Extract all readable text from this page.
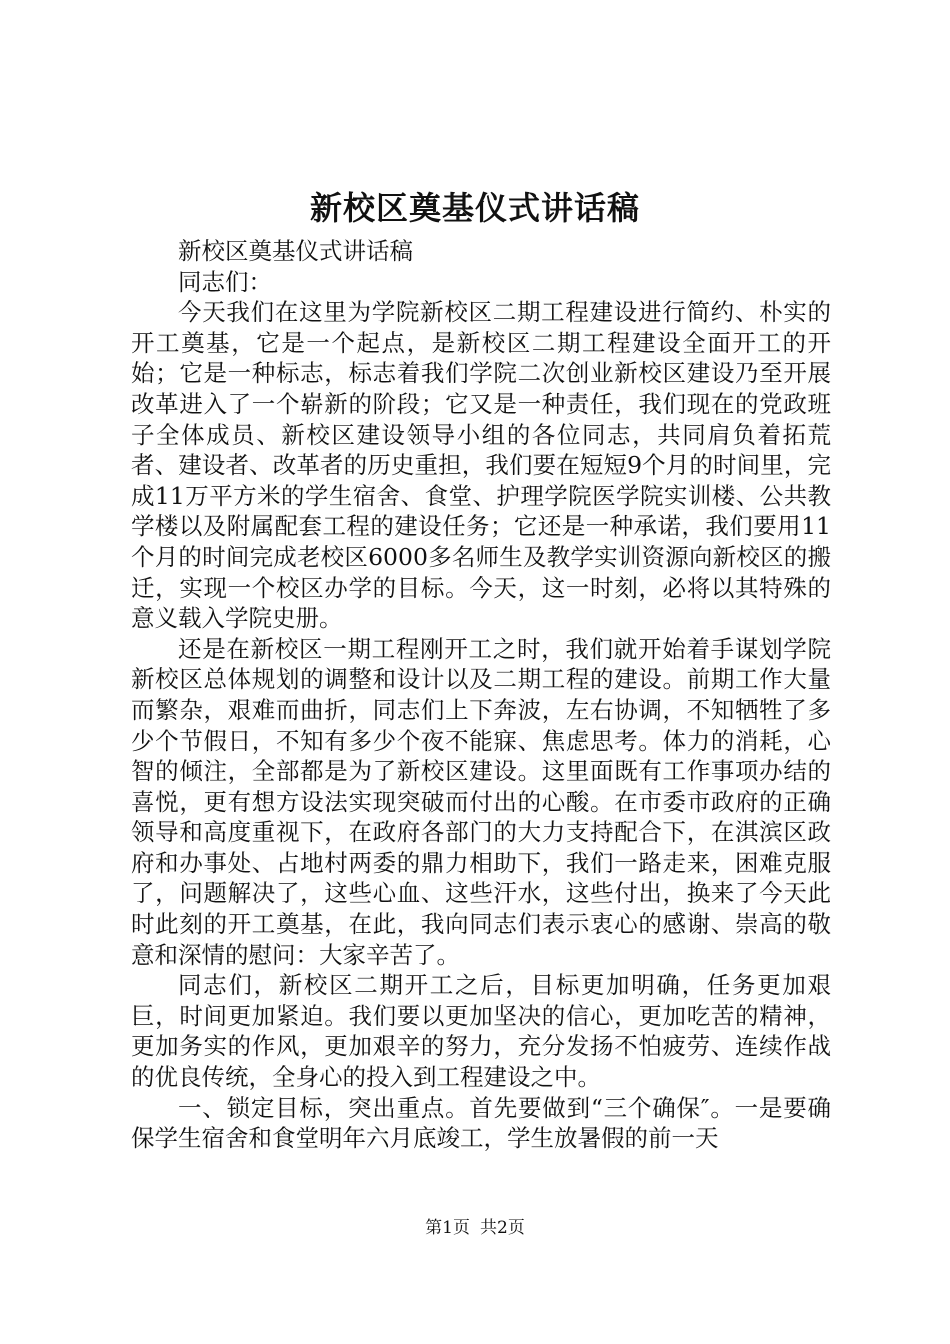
新校区奠基仪式讲话稿

新校区奠基仪式讲话稿

同志们：

今天我们在这里为学院新校区二期工程建设进行简约、朴实的开工奠基，它是一个起点，是新校区二期工程建设全面开工的开始；它是一种标志，标志着我们学院二次创业新校区建设乃至开展改革进入了一个崭新的阶段；它又是一种责任，我们现在的党政班子全体成员、新校区建设领导小组的各位同志，共同肩负着拓荒者、建设者、改革者的历史重担，我们要在短短9个月的时间里，完成11万平方米的学生宿舍、食堂、护理学院医学院实训楼、公共教学楼以及附属配套工程的建设任务；它还是一种承诺，我们要用11个月的时间完成老校区6000多名师生及教学实训资源向新校区的搬迁，实现一个校区办学的目标。今天，这一时刻，必将以其特殊的意义载入学院史册。

还是在新校区一期工程刚开工之时，我们就开始着手谋划学院新校区总体规划的调整和设计以及二期工程的建设。前期工作大量而繁杂，艰难而曲折，同志们上下奔波，左右协调，不知牺牲了多少个节假日，不知有多少个夜不能寐、焦虑思考。体力的消耗，心智的倾注，全部都是为了新校区建设。这里面既有工作事项办结的喜悦，更有想方设法实现突破而付出的心酸。在市委市政府的正确领导和高度重视下，在政府各部门的大力支持配合下，在淇滨区政府和办事处、占地村两委的鼎力相助下，我们一路走来，困难克服了，问题解决了，这些心血、这些汗水，这些付出，换来了今天此时此刻的开工奠基，在此，我向同志们表示衷心的感谢、崇高的敬意和深情的慰问：大家辛苦了。

同志们，新校区二期开工之后，目标更加明确，任务更加艰巨，时间更加紧迫。我们要以更加坚决的信心，更加吃苦的精神，更加务实的作风，更加艰辛的努力，充分发扬不怕疲劳、连续作战的优良传统，全身心的投入到工程建设之中。

一、锁定目标，突出重点。首先要做到“三个确保″。一是要确保学生宿舍和食堂明年六月底竣工，学生放暑假的前一天

第1页 共2页
